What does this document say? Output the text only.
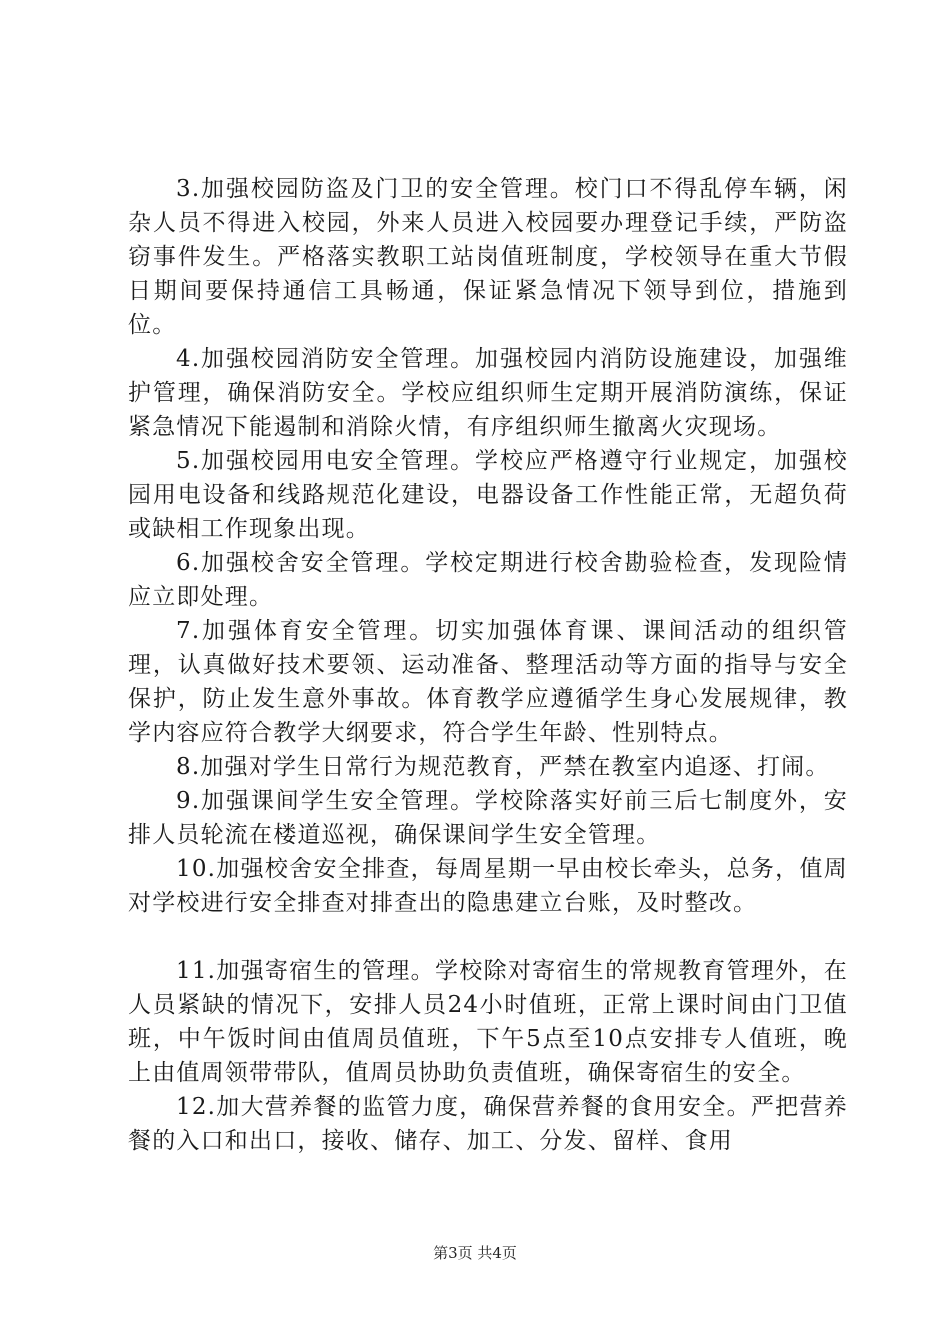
3.加强校园防盗及门卫的安全管理。校门口不得乱停车辆，闲杂人员不得进入校园，外来人员进入校园要办理登记手续，严防盗窃事件发生。严格落实教职工站岗值班制度，学校领导在重大节假日期间要保持通信工具畅通，保证紧急情况下领导到位，措施到位。

4.加强校园消防安全管理。加强校园内消防设施建设，加强维护管理，确保消防安全。学校应组织师生定期开展消防演练，保证紧急情况下能遏制和消除火情，有序组织师生撤离火灾现场。

5.加强校园用电安全管理。学校应严格遵守行业规定，加强校园用电设备和线路规范化建设，电器设备工作性能正常，无超负荷或缺相工作现象出现。

6.加强校舍安全管理。学校定期进行校舍勘验检查，发现险情应立即处理。

7.加强体育安全管理。切实加强体育课、课间活动的组织管理，认真做好技术要领、运动准备、整理活动等方面的指导与安全保护，防止发生意外事故。体育教学应遵循学生身心发展规律，教学内容应符合教学大纲要求，符合学生年龄、性别特点。

8.加强对学生日常行为规范教育，严禁在教室内追逐、打闹。

9.加强课间学生安全管理。学校除落实好前三后七制度外，安排人员轮流在楼道巡视，确保课间学生安全管理。

10.加强校舍安全排查，每周星期一早由校长牵头，总务，值周对学校进行安全排查对排查出的隐患建立台账，及时整改。

11.加强寄宿生的管理。学校除对寄宿生的常规教育管理外，在人员紧缺的情况下，安排人员24小时值班，正常上课时间由门卫值班，中午饭时间由值周员值班，下午5点至10点安排专人值班，晚上由值周领带带队，值周员协助负责值班，确保寄宿生的安全。

12.加大营养餐的监管力度，确保营养餐的食用安全。严把营养餐的入口和出口，接收、储存、加工、分发、留样、食用

第3页 共4页
